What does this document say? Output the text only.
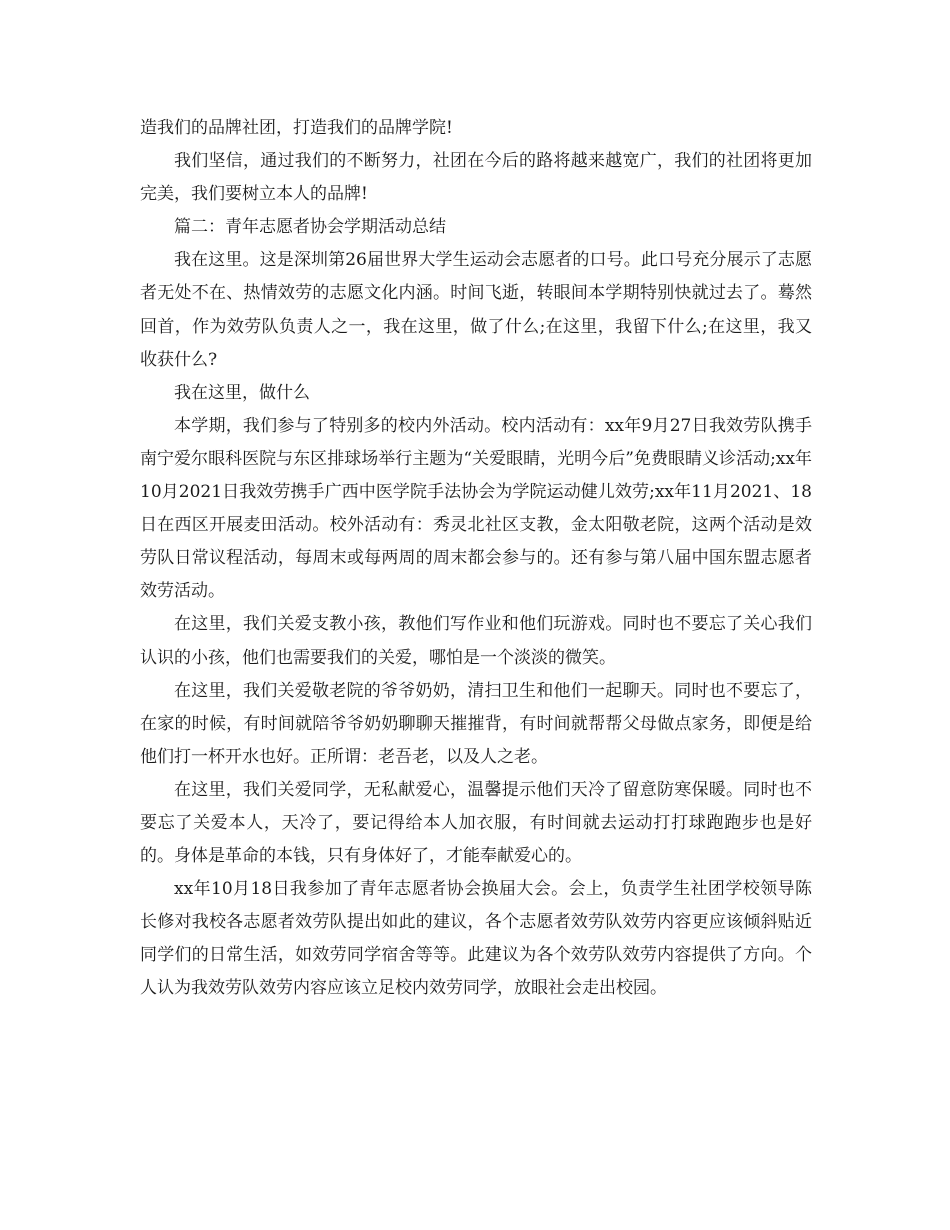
造我们的品牌社团，打造我们的品牌学院!

我们坚信，通过我们的不断努力，社团在今后的路将越来越宽广，我们的社团将更加完美，我们要树立本人的品牌!

篇二：青年志愿者协会学期活动总结

我在这里。这是深圳第26届世界大学生运动会志愿者的口号。此口号充分展示了志愿者无处不在、热情效劳的志愿文化内涵。时间飞逝，转眼间本学期特别快就过去了。蓦然回首，作为效劳队负责人之一，我在这里，做了什么;在这里，我留下什么;在这里，我又收获什么?

我在这里，做什么

本学期，我们参与了特别多的校内外活动。校内活动有：xx年9月27日我效劳队携手南宁爱尔眼科医院与东区排球场举行主题为“关爱眼睛，光明今后”免费眼睛义诊活动;xx年10月2021日我效劳携手广西中医学院手法协会为学院运动健儿效劳;xx年11月2021、18日在西区开展麦田活动。校外活动有：秀灵北社区支教，金太阳敬老院，这两个活动是效劳队日常议程活动，每周末或每两周的周末都会参与的。还有参与第八届中国东盟志愿者效劳活动。

在这里，我们关爱支教小孩，教他们写作业和他们玩游戏。同时也不要忘了关心我们认识的小孩，他们也需要我们的关爱，哪怕是一个淡淡的微笑。

在这里，我们关爱敬老院的爷爷奶奶，清扫卫生和他们一起聊天。同时也不要忘了，在家的时候，有时间就陪爷爷奶奶聊聊天摧摧背，有时间就帮帮父母做点家务，即便是给他们打一杯开水也好。正所谓：老吾老，以及人之老。

在这里，我们关爱同学，无私献爱心，温馨提示他们天冷了留意防寒保暖。同时也不要忘了关爱本人，天冷了，要记得给本人加衣服，有时间就去运动打打球跑跑步也是好的。身体是革命的本钱，只有身体好了，才能奉献爱心的。

xx年10月18日我参加了青年志愿者协会换届大会。会上，负责学生社团学校领导陈长修对我校各志愿者效劳队提出如此的建议，各个志愿者效劳队效劳内容更应该倾斜贴近同学们的日常生活，如效劳同学宿舍等等。此建议为各个效劳队效劳内容提供了方向。个人认为我效劳队效劳内容应该立足校内效劳同学，放眼社会走出校园。
